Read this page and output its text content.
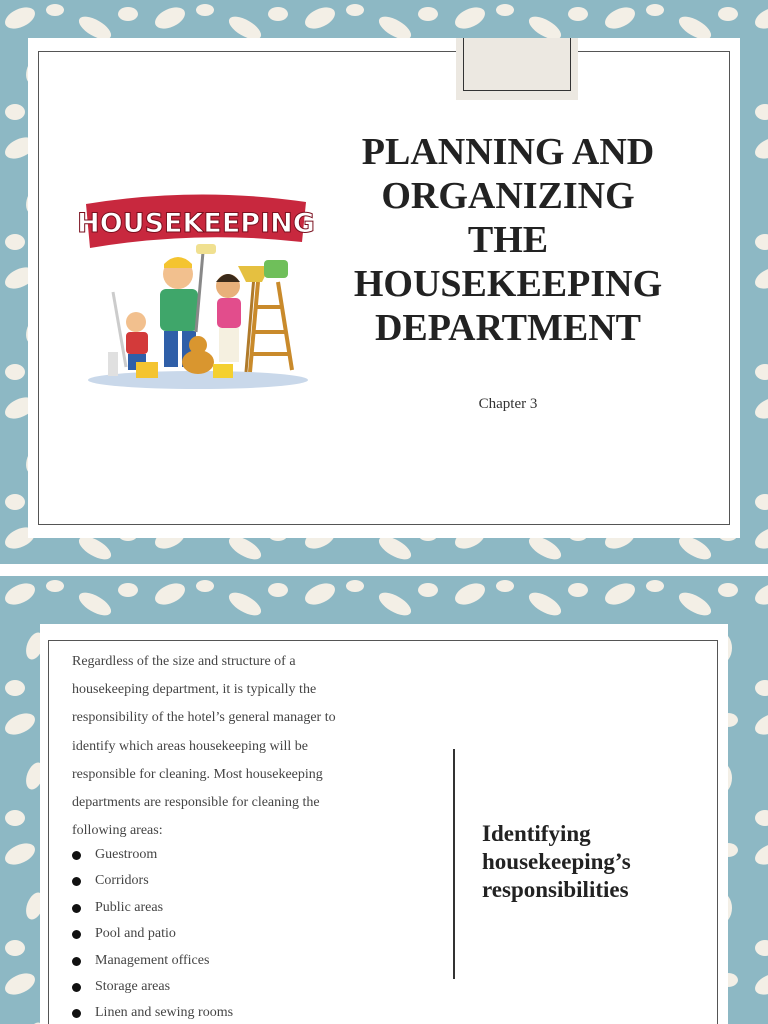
HOUSEKEEPING
PLANNING AND
ORGANIZING
THE
HOUSEKEEPING
DEPARTMENT
Chapter 3

Regardless of the size and structure of a housekeeping department, it is typically the responsibility of the hotel’s general manager to identify which areas housekeeping will be responsible for cleaning. Most housekeeping departments are responsible for cleaning the following areas:

Guestroom
Corridors
Public areas
Pool and patio
Management offices
Storage areas
Linen and sewing rooms
Identifying
housekeeping’s
responsibilities
